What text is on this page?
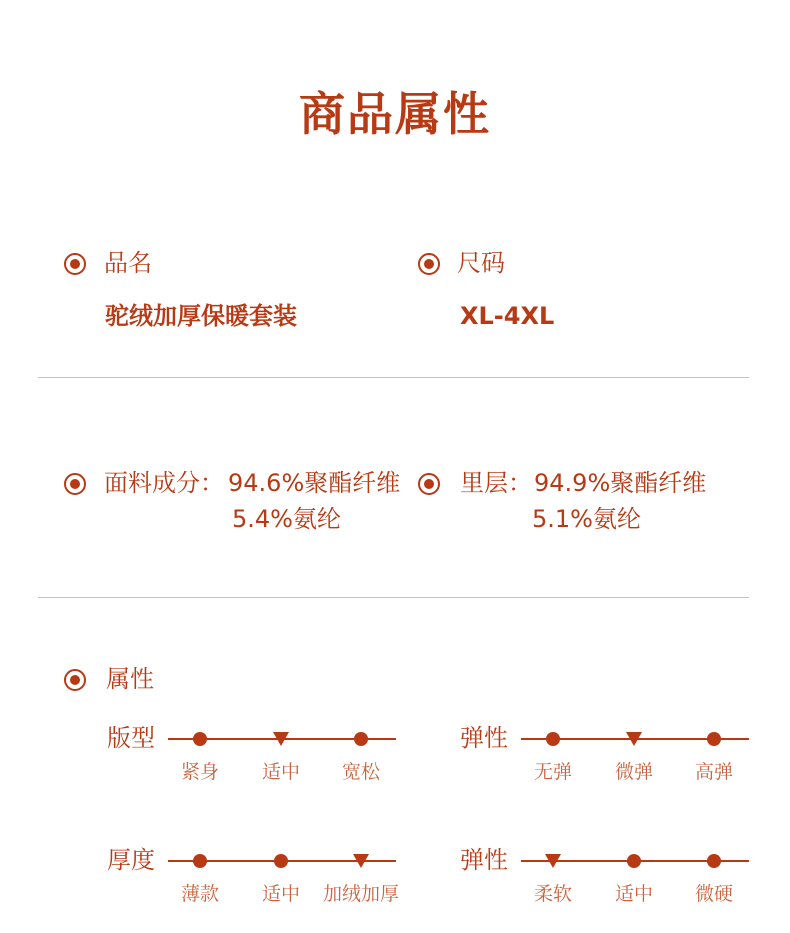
商品属性
品名
驼绒加厚保暖套装
尺码
XL-4XL
面料成分： 94.6%聚酯纤维
5.4%氨纶
里层： 94.9%聚酯纤维
5.1%氨纶
属性
版型
紧身	适中	宽松
弹性
无弹	微弹	高弹
厚度
薄款	适中	加绒加厚
弹性
柔软	适中	微硬
